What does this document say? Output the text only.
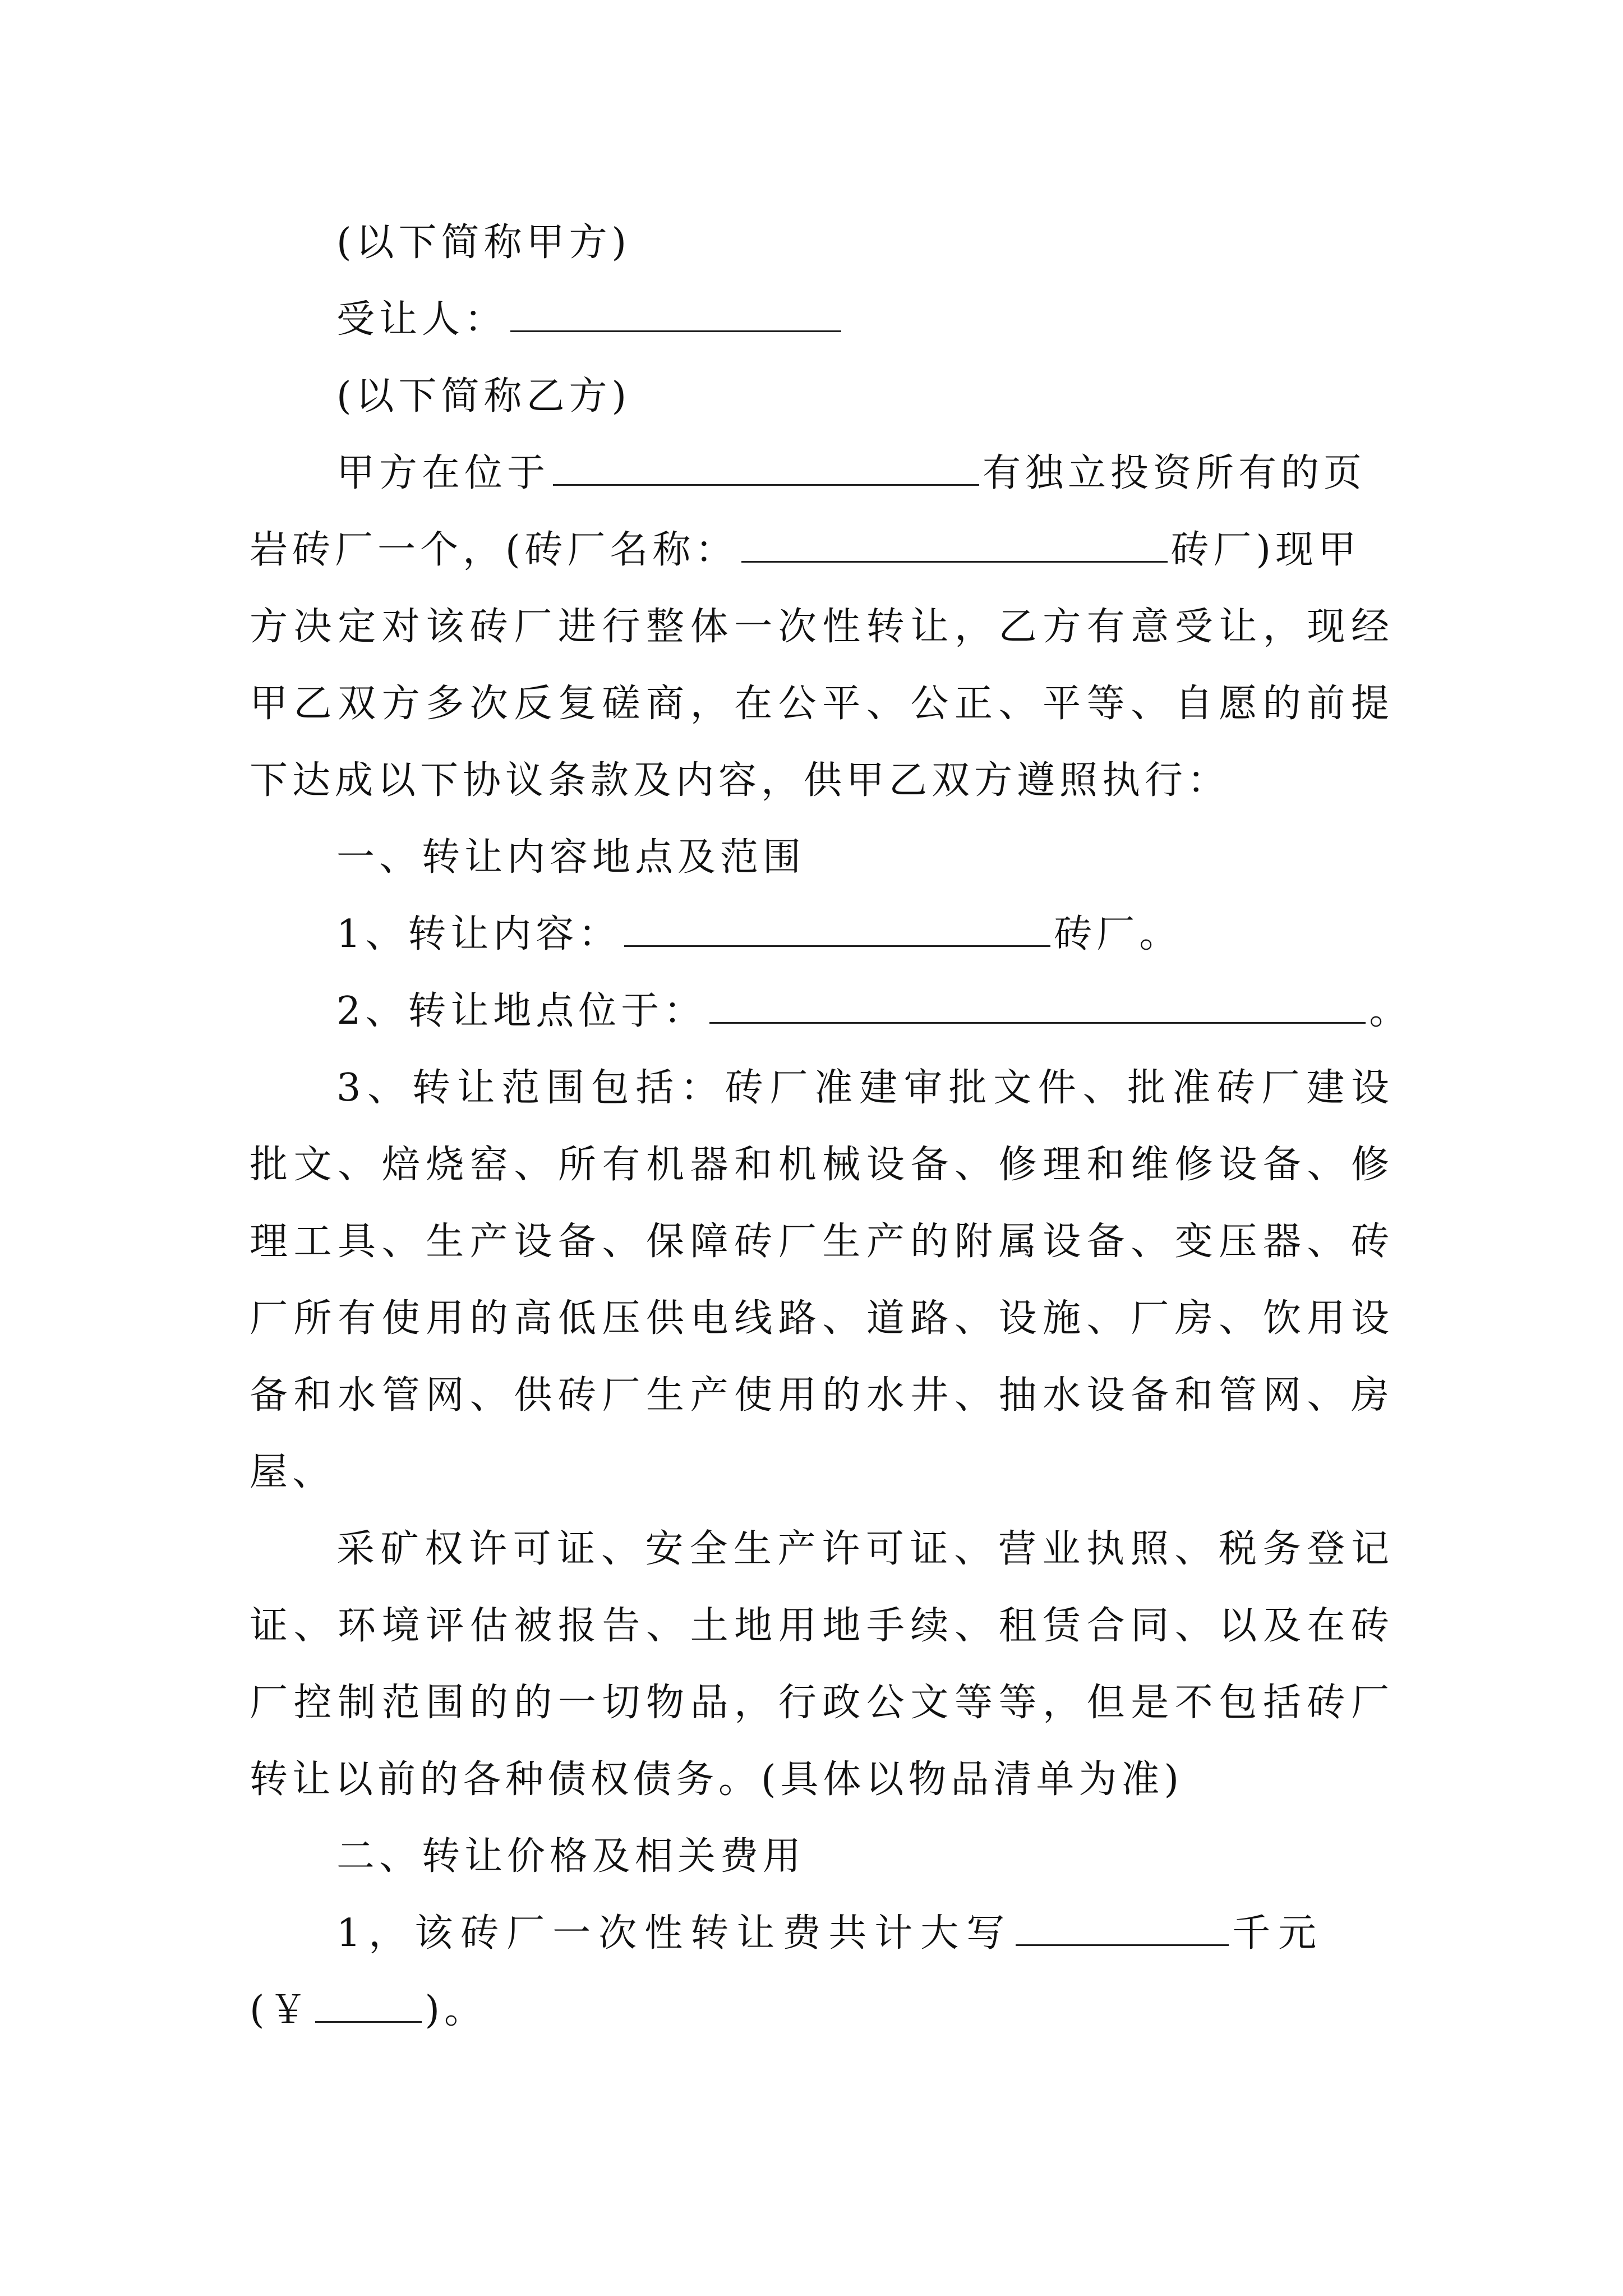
(以下简称甲方)
受让人：
(以下简称乙方)
甲方在位于	有独立投资所有的页
岩砖厂一个，(砖厂名称：	砖厂)现甲
方决定对该砖厂进行整体一次性转让，乙方有意受让，现经
甲乙双方多次反复磋商，在公平、公正、平等、自愿的前提
下达成以下协议条款及内容，供甲乙双方遵照执行：
一、转让内容地点及范围
1、转让内容：	砖厂。
2、转让地点位于：	。
3、转让范围包括：砖厂准建审批文件、批准砖厂建设
批文、焙烧窑、所有机器和机械设备、修理和维修设备、修
理工具、生产设备、保障砖厂生产的附属设备、变压器、砖
厂所有使用的高低压供电线路、道路、设施、厂房、饮用设
备和水管网、供砖厂生产使用的水井、抽水设备和管网、房
屋、
采矿权许可证、安全生产许可证、营业执照、税务登记
证、环境评估被报告、土地用地手续、租赁合同、以及在砖
厂控制范围的的一切物品，行政公文等等，但是不包括砖厂
转让以前的各种债权债务。(具体以物品清单为准)
二、转让价格及相关费用
1，该砖厂一次性转让费共计大写	千元
(￥	)。
